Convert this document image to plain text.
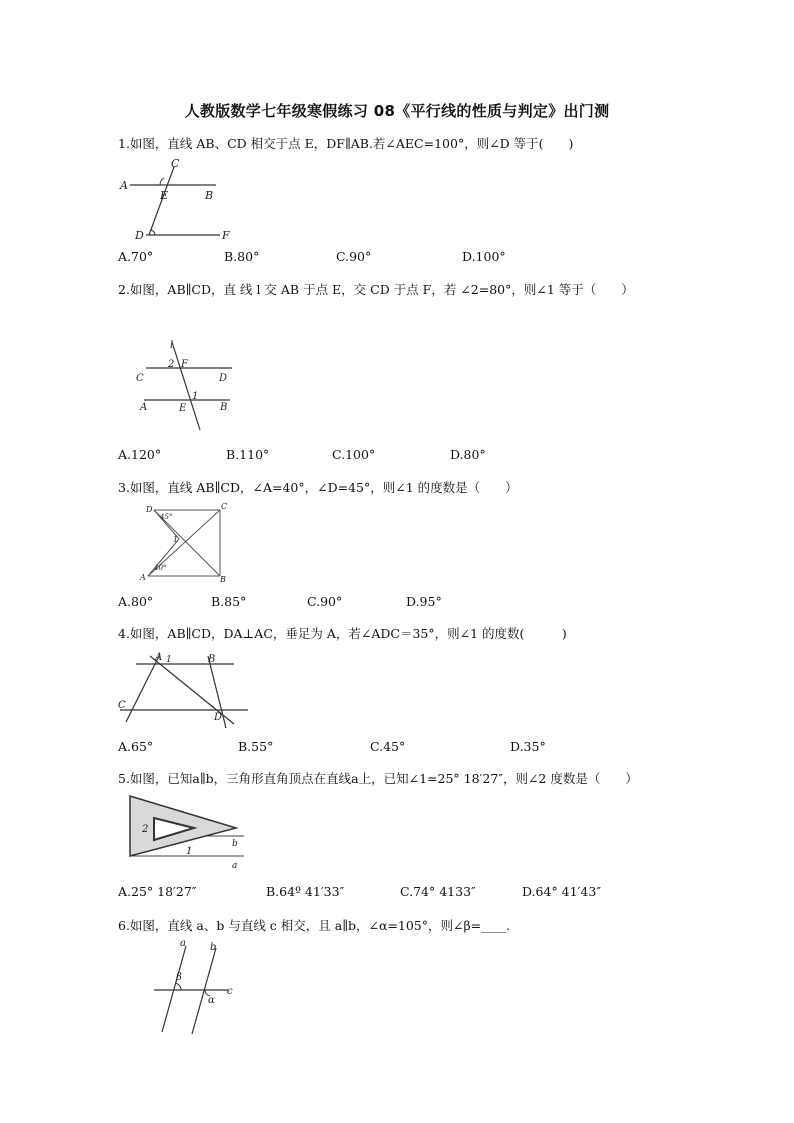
人教版数学七年级寒假练习 08《平行线的性质与判定》出门测
1.如图，直线 AB、CD 相交于点 E，DF∥AB.若∠AEC=100°，则∠D 等于(　　)
C
A
E	B
D	F
A.70°	B.80°	C.90°	D.100°
2.如图，AB∥CD，直 线 l 交 AB 于点 E，交 CD 于点 F，若 ∠2=80°，则∠1 等于（　　）
l
2 F
C	D
A	E
1
B
A.120°	B.110°	C.100°	D.80°
3.如图，直线 AB∥CD，∠A=40°，∠D=45°，则∠1 的度数是（　　）
D
45°
C
1
40°
A	B
A.80°	B.85°	C.90°	D.95°
4.如图，AB∥CD，DA⊥AC，垂足为 A，若∠ADC＝35°，则∠1 的度数(　　　)
A 1	B
C
D
A.65°	B.55°	C.45°	D.35°
5.如图，已知a∥b，三角形直角顶点在直线a上，已知∠1=25° 18′27″，则∠2 度数是（　　）
2
b
1
a
A.25° 18′27″	B.64º 41′33″	C.74° 4133″	D.64° 41′43″
6.如图，直线 a、b 与直线 c 相交，且 a∥b，∠α=105°，则∠β=____.
a b
β
c
α
